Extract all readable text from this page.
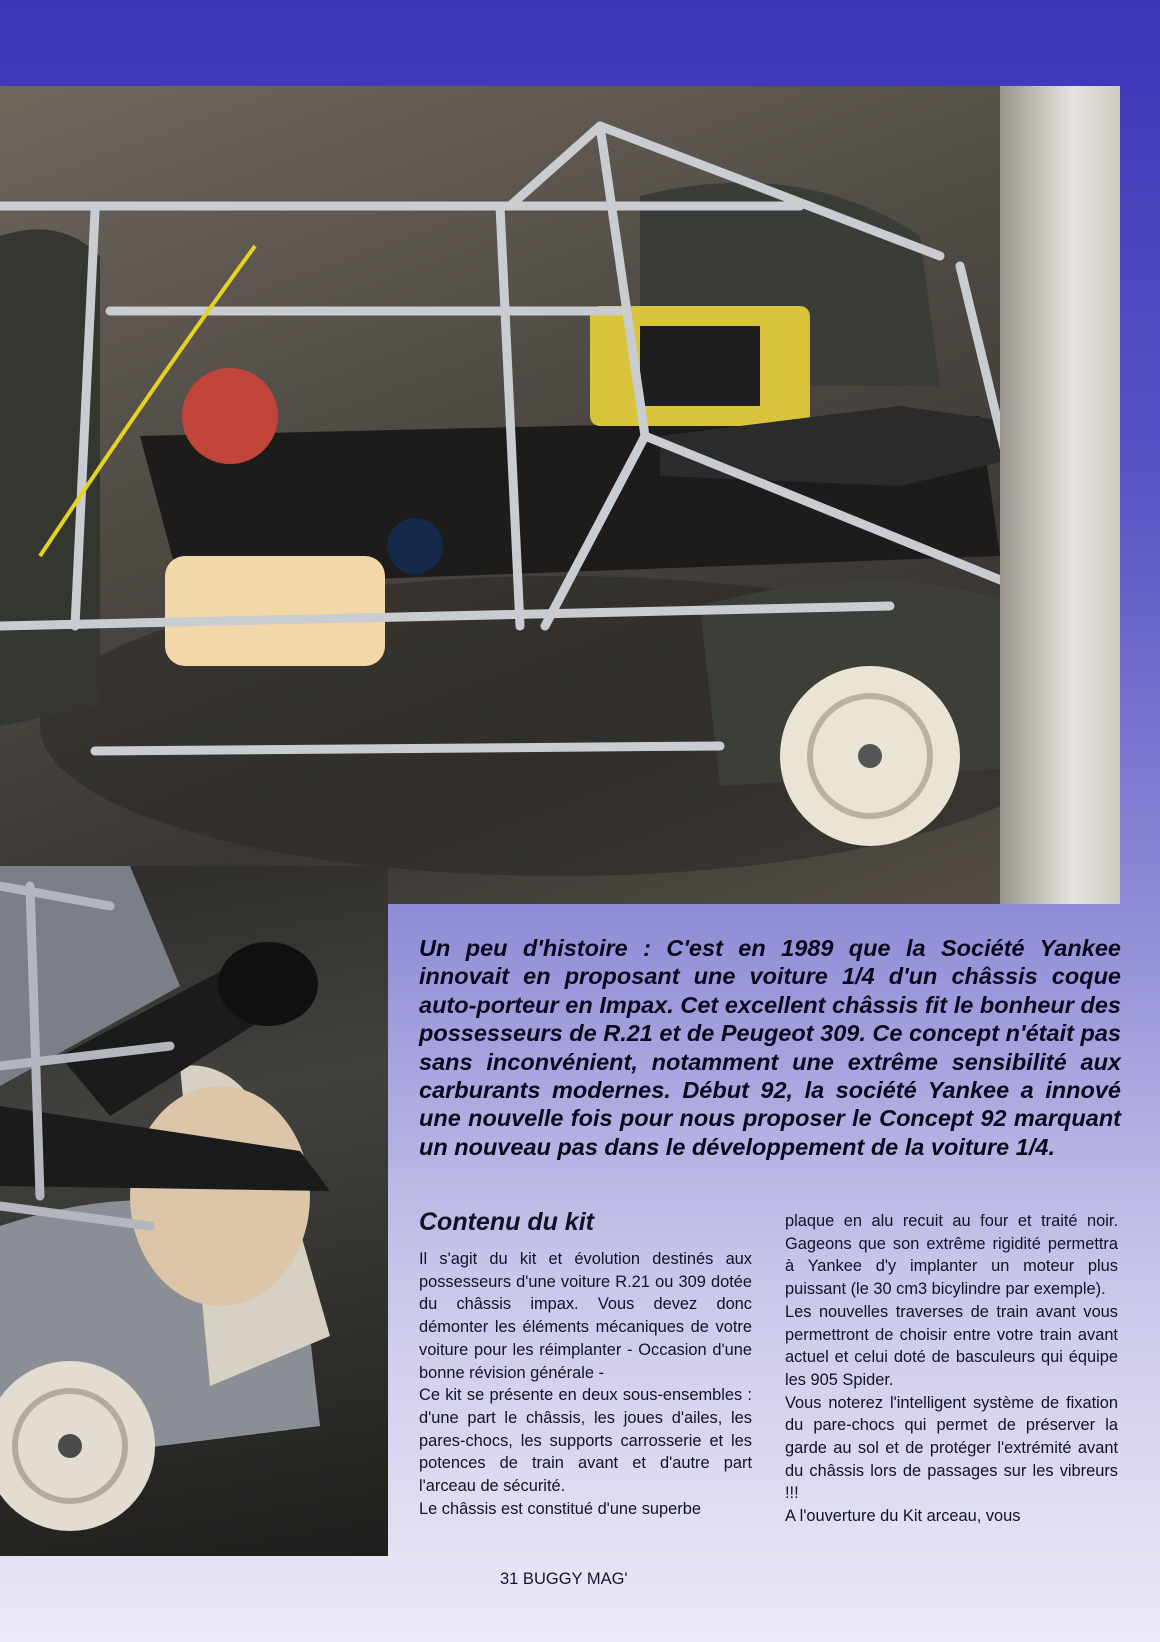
Un peu d'histoire : C'est en 1989 que la Société Yankee innovait en proposant une voiture 1/4 d'un châssis coque auto-porteur en Impax. Cet excellent châssis fit le bonheur des possesseurs de R.21 et de Peugeot 309. Ce concept n'était pas sans inconvénient, notamment une extrême sensibilité aux carburants modernes. Début 92, la société Yankee a innové une nouvelle fois pour nous proposer le Concept 92 marquant un nouveau pas dans le développement de la voiture 1/4.

Contenu du kit

Il s'agit du kit et évolution destinés aux possesseurs d'une voiture R.21 ou 309 dotée du châssis impax. Vous devez donc démonter les éléments mécaniques de votre voiture pour les réimplanter - Occasion d'une bonne révision générale -

Ce kit se présente en deux sous-ensembles : d'une part le châssis, les joues d'ailes, les pares-chocs, les supports carrosserie et les potences de train avant et d'autre part l'arceau de sécurité.

Le châssis est constitué d'une superbe

plaque en alu recuit au four et traité noir. Gageons que son extrême rigidité permettra à Yankee d'y implanter un moteur plus puissant (le 30 cm3 bicylindre par exemple).

Les nouvelles traverses de train avant vous permettront de choisir entre votre train avant actuel et celui doté de basculeurs qui équipe les 905 Spider.

Vous noterez l'intelligent système de fixation du pare-chocs qui permet de préserver la garde au sol et de protéger l'extrémité avant du châssis lors de passages sur les vibreurs !!!

A l'ouverture du Kit arceau, vous

31 BUGGY MAG'
